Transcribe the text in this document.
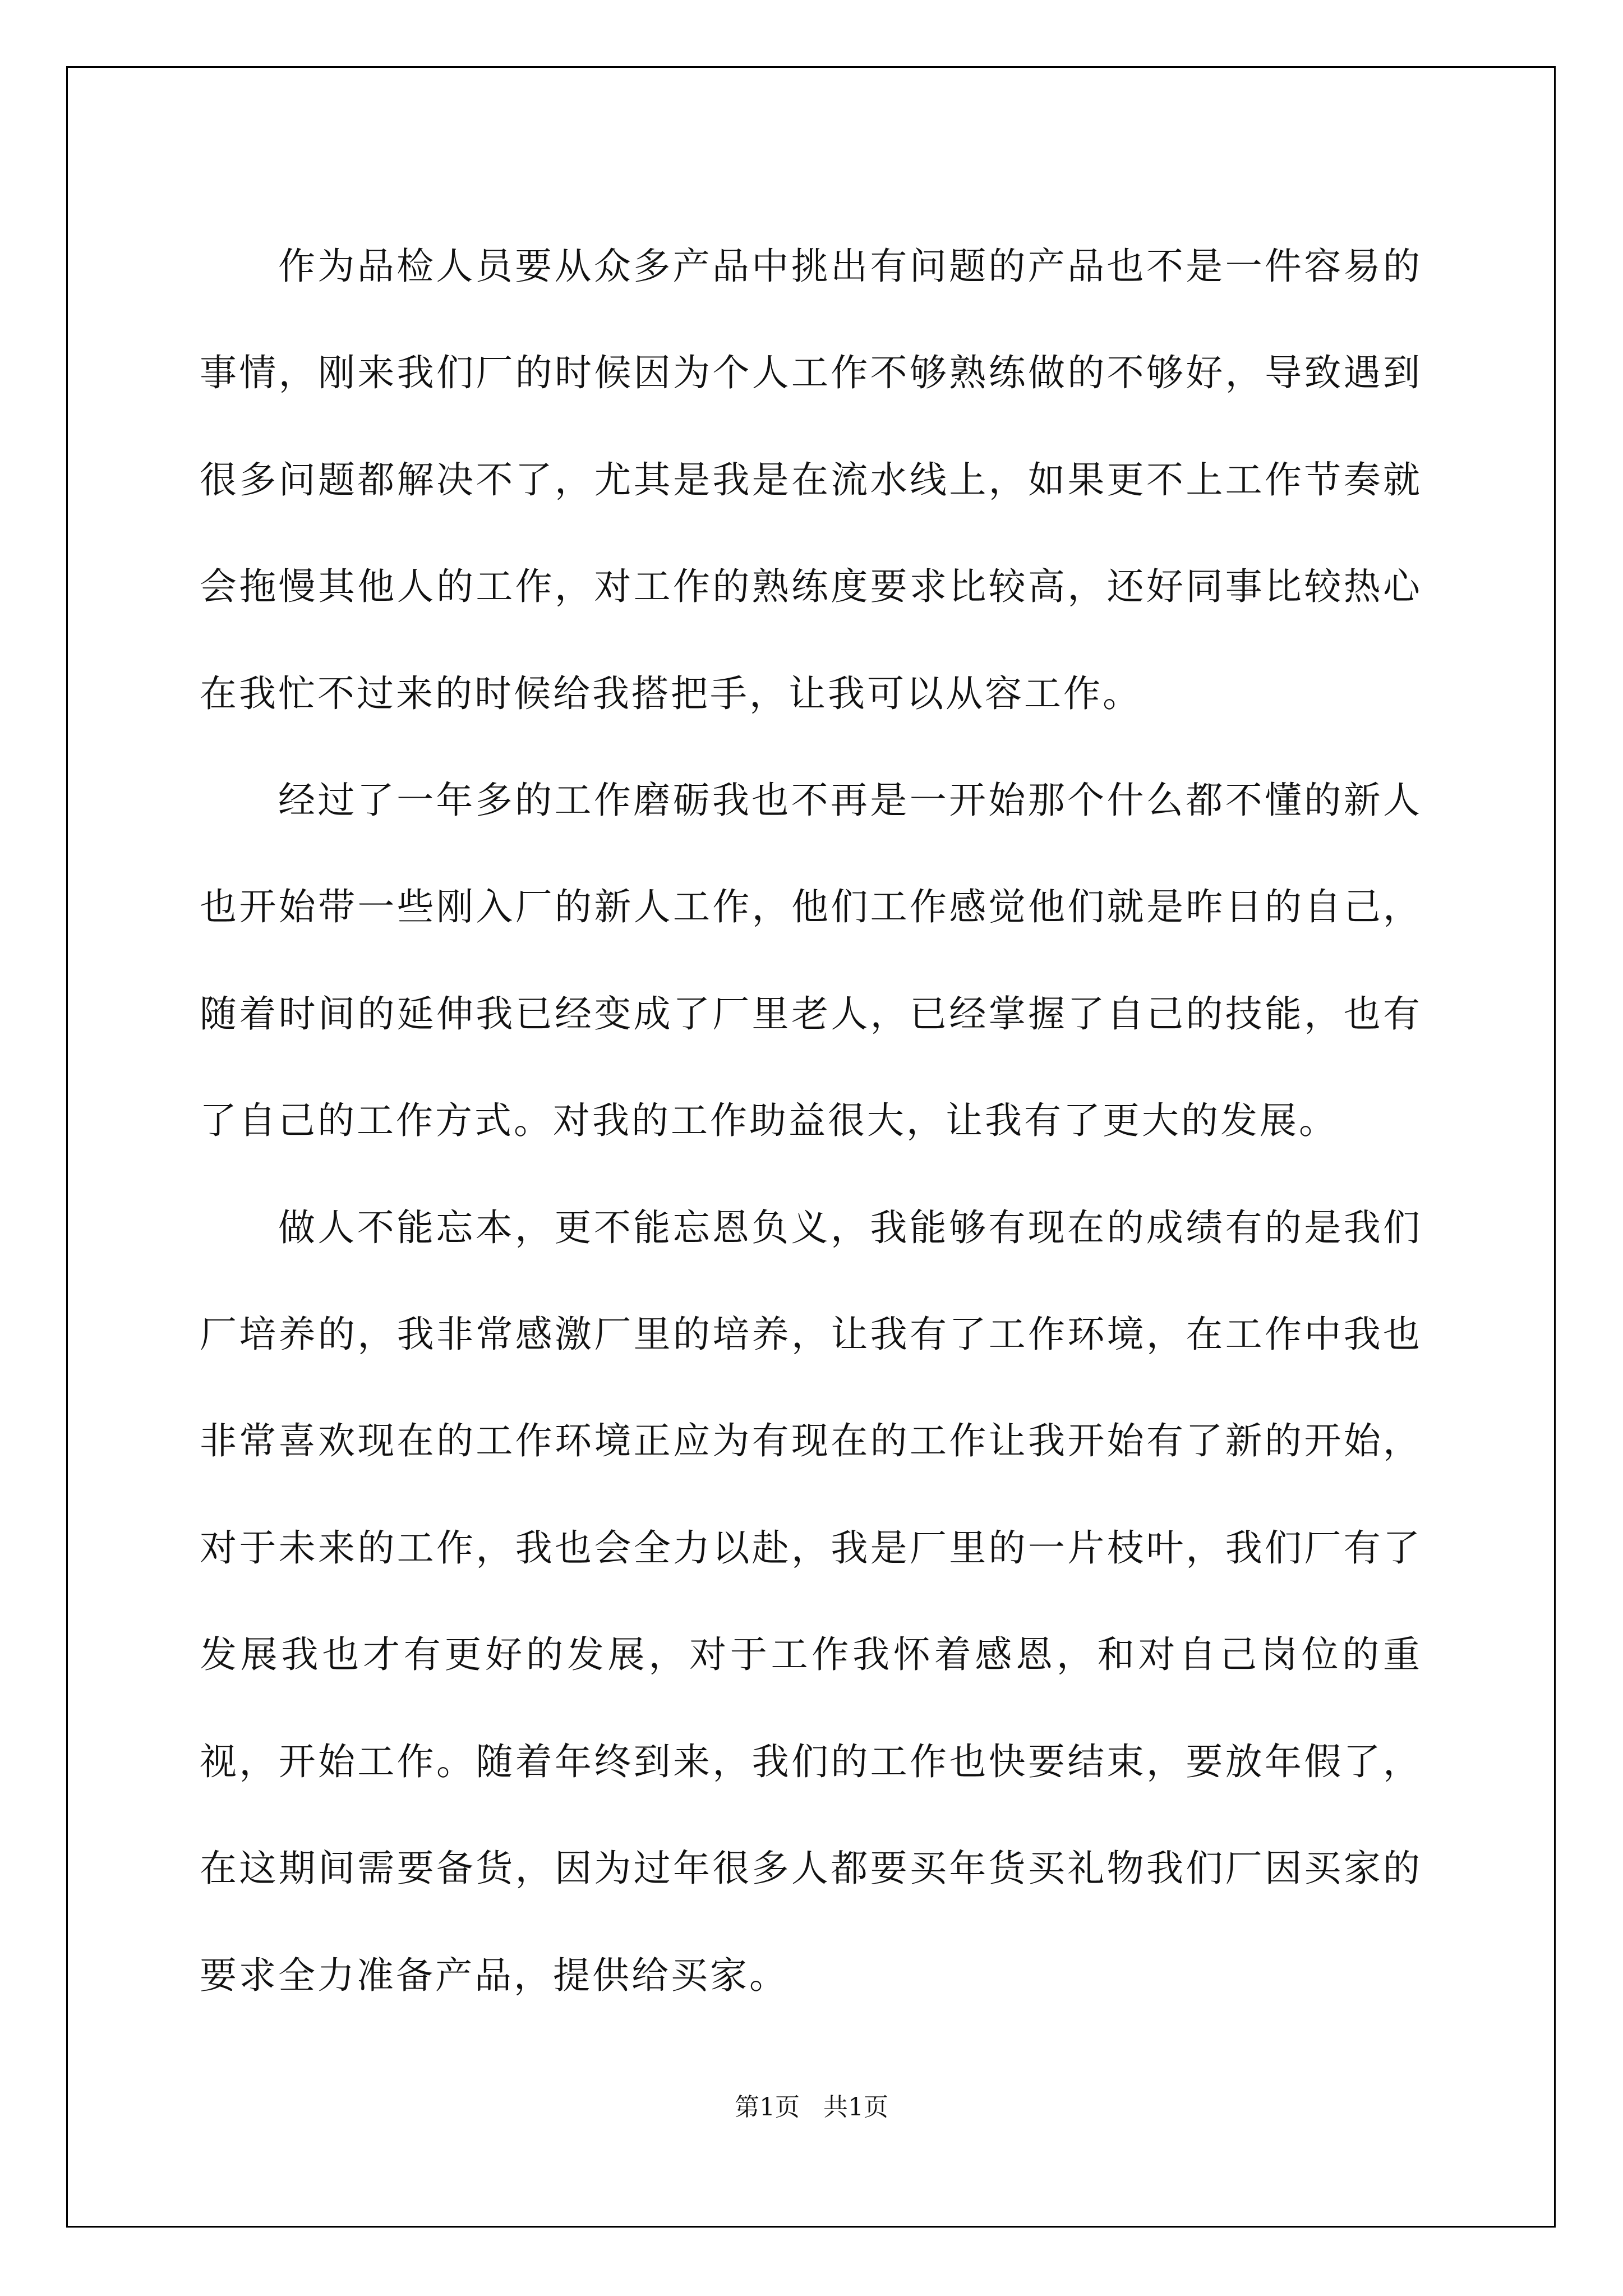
作为品检人员要从众多产品中挑出有问题的产品也不是一件容易的事情，刚来我们厂的时候因为个人工作不够熟练做的不够好，导致遇到很多问题都解决不了，尤其是我是在流水线上，如果更不上工作节奏就会拖慢其他人的工作，对工作的熟练度要求比较高，还好同事比较热心在我忙不过来的时候给我搭把手，让我可以从容工作。

经过了一年多的工作磨砺我也不再是一开始那个什么都不懂的新人也开始带一些刚入厂的新人工作，他们工作感觉他们就是昨日的自己，随着时间的延伸我已经变成了厂里老人，已经掌握了自己的技能，也有了自己的工作方式。对我的工作助益很大，让我有了更大的发展。

做人不能忘本，更不能忘恩负义，我能够有现在的成绩有的是我们厂培养的，我非常感激厂里的培养，让我有了工作环境，在工作中我也非常喜欢现在的工作环境正应为有现在的工作让我开始有了新的开始，对于未来的工作，我也会全力以赴，我是厂里的一片枝叶，我们厂有了发展我也才有更好的发展，对于工作我怀着感恩，和对自己岗位的重视，开始工作。随着年终到来，我们的工作也快要结束，要放年假了，在这期间需要备货，因为过年很多人都要买年货买礼物我们厂因买家的要求全力准备产品，提供给买家。

第1页   共1页
